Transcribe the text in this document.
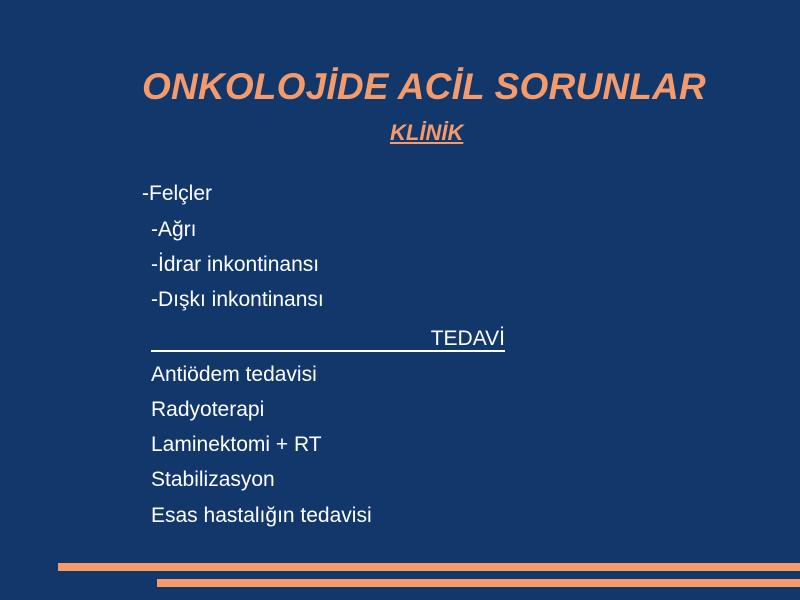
ONKOLOJİDE ACİL SORUNLAR
KLİNİK
-Felçler
-Ağrı
-İdrar inkontinansı
-Dışkı inkontinansı
TEDAVİ
Antiödem tedavisi
Radyoterapi
Laminektomi + RT
Stabilizasyon
Esas hastalığın tedavisi
